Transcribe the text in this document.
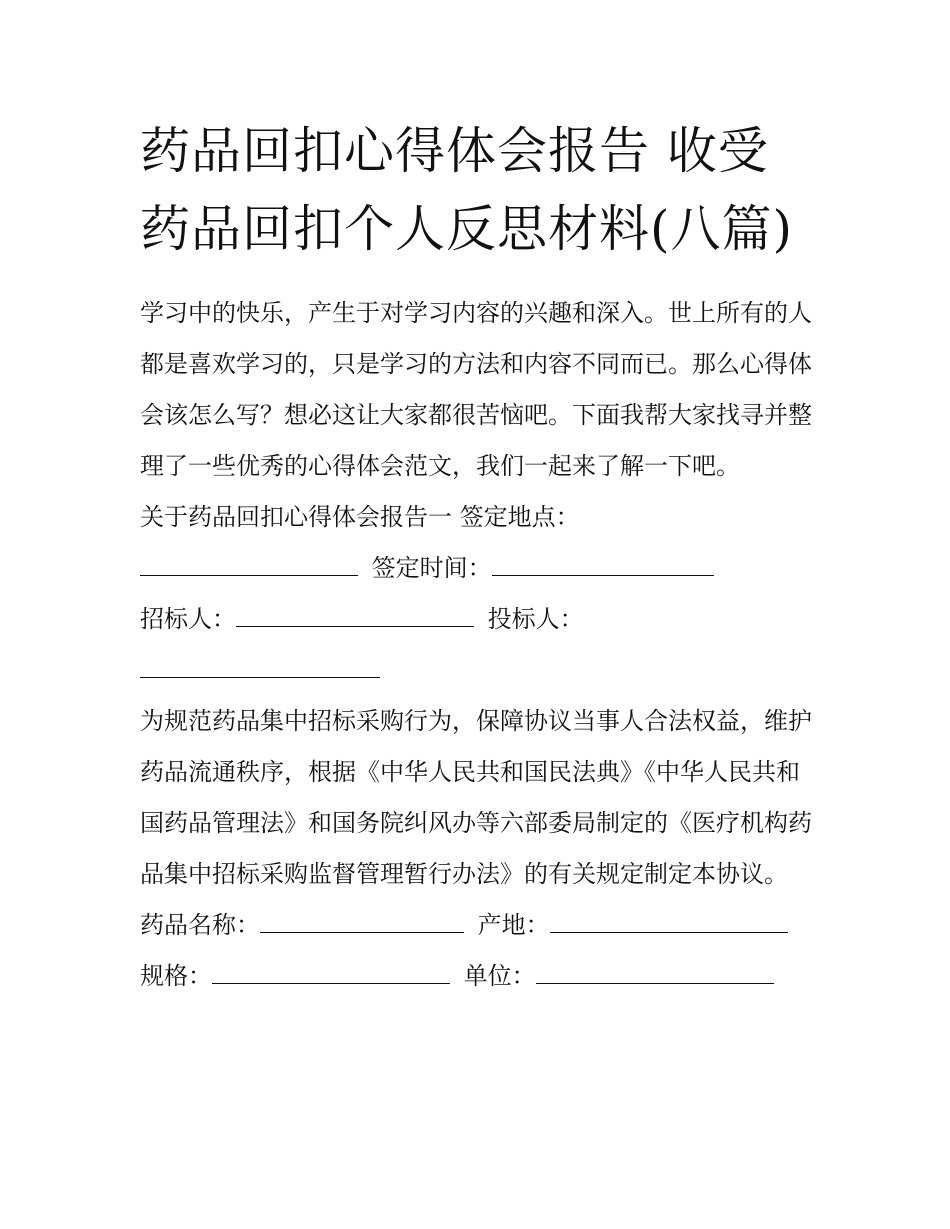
药品回扣心得体会报告 收受药品回扣个人反思材料(八篇)

学习中的快乐，产生于对学习内容的兴趣和深入。世上所有的人都是喜欢学习的，只是学习的方法和内容不同而已。那么心得体会该怎么写？想必这让大家都很苦恼吧。下面我帮大家找寻并整理了一些优秀的心得体会范文，我们一起来了解一下吧。

关于药品回扣心得体会报告一 签定地点：

签定时间：

招标人：	投标人：

为规范药品集中招标采购行为，保障协议当事人合法权益，维护药品流通秩序，根据《中华人民共和国民法典》《中华人民共和国药品管理法》和国务院纠风办等六部委局制定的《医疗机构药品集中招标采购监督管理暂行办法》的有关规定制定本协议。

药品名称：	产地：

规格：	单位：
